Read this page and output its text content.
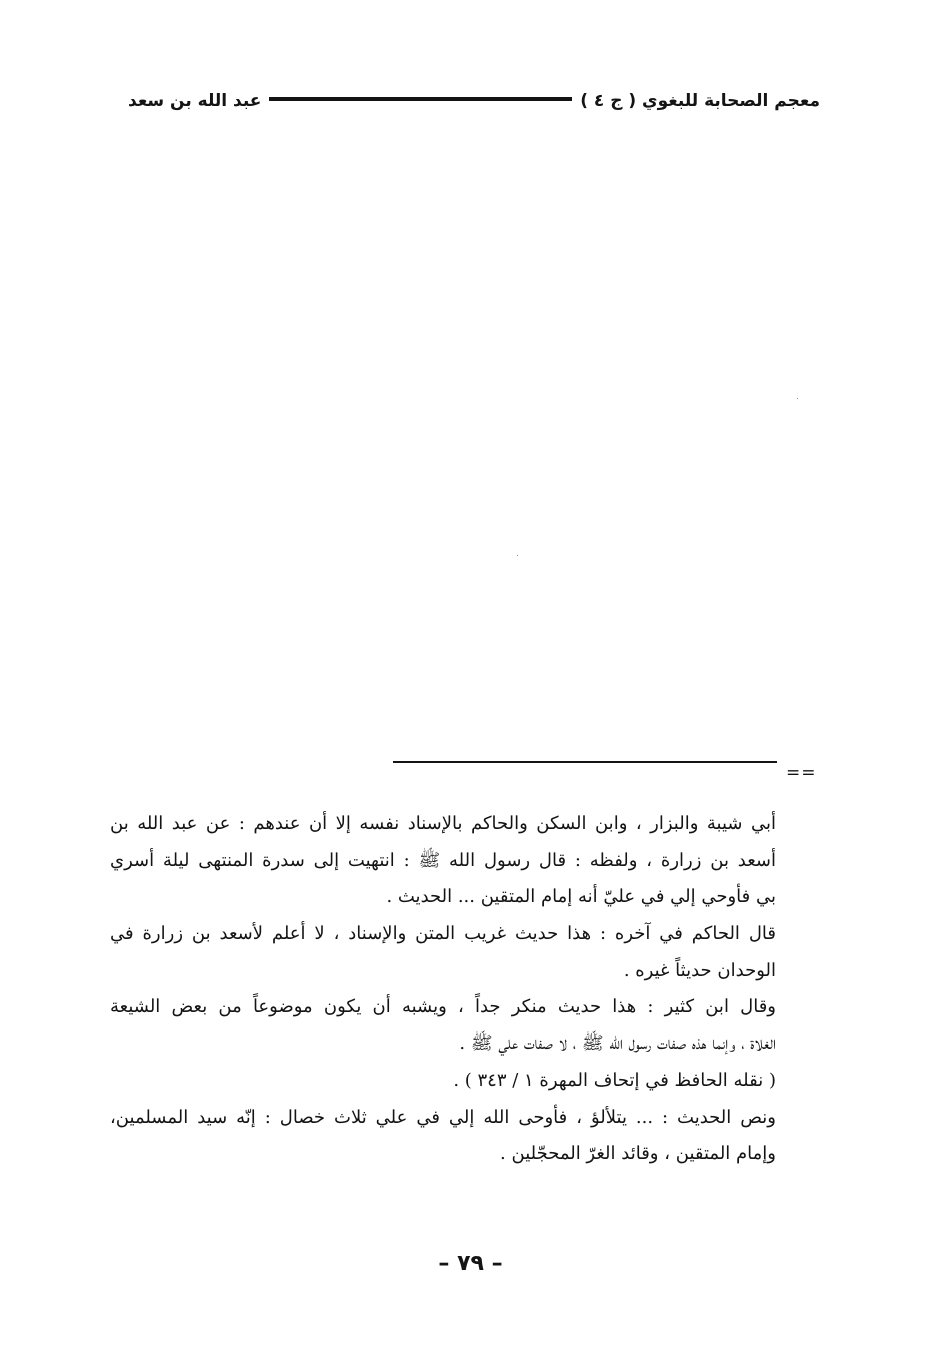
معجم الصحابة للبغوي ( ج ٤ )
عبد الله بن سعد
==
أبي شيبة والبزار ، وابن السكن والحاكم بالإسناد نفسه إلا أن عندهم : عن عبد الله بن
أسعد بن زرارة ، ولفظه : قال رسول الله ﷺ : انتهيت إلى سدرة المنتهى ليلة أسري
بي فأوحي إلي في عليّ أنه إمام المتقين ... الحديث .
قال الحاكم في آخره : هذا حديث غريب المتن والإسناد ، لا أعلم لأسعد بن زرارة في
الوحدان حديثاً غيره .
وقال ابن كثير : هذا حديث منكر جداً ، ويشبه أن يكون موضوعاً من بعض الشيعة
الغلاة ، وإنما هذه صفات رسول الله ﷺ ، لا صفات علي ﷺ .
( نقله الحافظ في إتحاف المهرة ١ / ٣٤٣ ) .
ونص الحديث : ... يتلألؤ ، فأوحى الله إلي في علي ثلاث خصال : إنّه سيد المسلمين،
وإمام المتقين ، وقائد الغرّ المحجّلين .
– ٧٩ –
